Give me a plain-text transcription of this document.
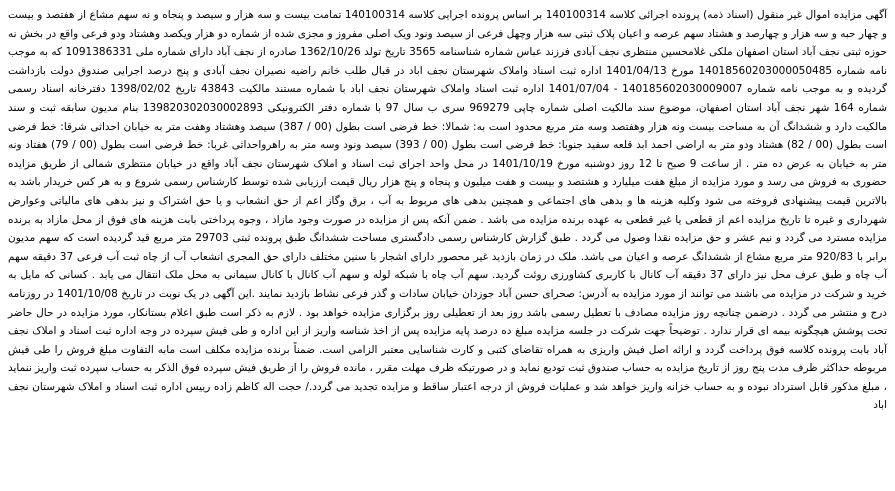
آگهی مزایده اموال غیر منقول (اسناد ذمه) پرونده اجرائی کلاسه 140100314 بر اساس پرونده اجرایی کلاسه 140100314 تمامت بیست و سه هزار و سیصد و پنجاه و نه سهم مشاع از هفتصد و بیست و چهار حبه و سه هزار و چهارصد و هشتاد سهم عرصه و اعیان پلاک ثبتی سه هزار وچهل فرعی از سیصد ونود ویک اصلی مفروز و مجزی شده از شماره دو هزار ویکصد وهشتاد ودو فرعی واقع در بخش نه حوزه ثبتی نجف آباد استان اصفهان ملکی غلامحسین منتظری نجف آبادی فرزند عباس شماره شناسنامه 3565 تاریخ تولد 1362/10/26 صادره از نجف آباد دارای شماره ملی 1091386331 که به موجب نامه شماره 14018560203000050485 مورخ 1401/04/13 اداره ثبت اسناد واملاک شهرستان نجف اباد در قبال طلب خانم راضیه نصیران نجف آبادی و پنج درصد اجرایی صندوق دولت بازداشت گردیده و به موجب نامه شماره 140185602030009007 - 1401/07/04 اداره ثبت اسناد واملاک شهرستان نجف اباد با شماره مستند مالکیت 43843 تاریخ 1398/02/02 دفترخانه اسناد رسمی شماره 164 شهر نجف آباد استان اصفهان، موضوع سند مالکیت اصلی شماره چاپی 969279 سری ب سال 97 با شماره دفتر الکترونیکی 139820302030002893 بنام مدیون سابقه ثبت و سند مالکیت دارد و ششدانگ آن به مساحت بیست ونه هزار وهفتصد وسه متر مربع محدود است به: شمالا: خط فرضی است بطول (00 / 387) سیصد وهشتاد وهفت متر به خیابان احداثی شرقا: خط فرضی است بطول (00 / 82) هشتاد ودو متر به اراضی احمد ابد قلعه سفید جنوبا: خط فرضی است بطول (00 / 393) سیصد ونود وسه متر به راهرواحداثی غربا: خط فرضی است بطول (00 / 79) هفتاد ونه متر به خیابان به عرض ده متر . از ساعت 9 صبح تا 12 روز دوشنبه مورخ 1401/10/19 در محل واحد اجرای ثبت اسناد و املاک شهرستان نجف آباد واقع در خیابان منتظری شمالی از طریق مزایده حضوری به فروش می رسد و مورد مزایده از مبلغ هفت میلیارد و هشتصد و بیست و هفت میلیون و پنجاه و پنج هزار ریال قیمت ارزیابی شده توسط کارشناس رسمی شروع و به هر کس خریدار باشد به بالاترین قیمت پیشنهادی فروخته می شود وکلیه هزینه ها و بدهی های اجتماعی و همچنین بدهی های مربوط به آب ، برق وگاز اعم از حق انشعاب و یا حق اشتراک و نیز بدهی های مالیاتی وعوارض شهرداری و غیره تا تاریخ مزایده اعم از قطعی یا غیر قطعی به عهده برنده مزایده می باشد . ضمن آنکه پس از مزایده در صورت وجود مازاد ، وجوه پرداختی بابت هزینه های فوق از محل مازاد به برنده مزایده مسترد می گردد و نیم عشر و حق مزایده نقدا وصول می گردد . طبق گزارش کارشناس رسمی دادگستری مساحت ششدانگ طبق پرونده ثبتی 29703 متر مربع قید گردیده است که سهم مدیون برابر با 920/83 متر مربع مشاع از ششدانگ عرصه و اعیان می باشد. ملک در زمان بازدید غیر محصور دارای اشجار با سنین مختلف دارای حق المجری انشعاب آب از چاه ثبت آب فرعی 37 دقیقه سهم آب چاه و طبق عرف محل نیز دارای 37 دقیقه آب کانال با کاربری کشاورزی روئت گردید. سهم آب چاه با شبکه لوله و سهم آب کانال با کانال سیمانی به محل ملک انتقال می یابد . کسانی که مایل به خرید و شرکت در مزایده می باشند می توانند از مورد مزایده به آدرس: صحرای حسن آباد جوزدان خیابان سادات و گذر فرعی نشاط بازدید نمایند .این آگهی در یک نوبت در تاریخ 1401/10/08 در روزنامه درج و منتشر می گردد . درضمن چنانچه روز مزایده مصادف با تعطیل رسمی باشد روز بعد از تعطیلی روز برگزاری مزایده خواهد بود . لازم به ذکر است طبق اعلام بستانکار، مورد مزایده در حال حاضر تحت پوشش هیچگونه بیمه ای قرار ندارد . توضیحاً جهت شرکت در جلسه مزایده مبلغ ده درصد پایه مزایده پس از اخذ شناسه واریز از این اداره و طی فیش سپرده در وجه اداره ثبت اسناد و املاک نجف آباد بابت پرونده کلاسه فوق پرداخت گردد و ارائه اصل فیش واریزی به همراه تقاضای کتبی و کارت شناسایی معتبر الزامی است. ضمناً برنده مزایده مکلف است مابه التفاوت مبلغ فروش را طی فیش مربوطه حداکثر ظرف مدت پنج روز از تاریخ مزایده به حساب صندوق ثبت تودیع نماید و در صورتیکه ظرف مهلت مقرر ، مانده فروش را از طریق فیش سپرده فوق الذکر به حساب سپرده ثبت واریز ننماید ، مبلغ مذکور قابل استرداد نبوده و به حساب خزانه واریز خواهد شد و عملیات فروش از درجه اعتبار ساقط و مزایده تجدید می گردد./ حجت اله کاظم زاده رییس اداره ثبت اسناد و املاک شهرستان نجف اباد
